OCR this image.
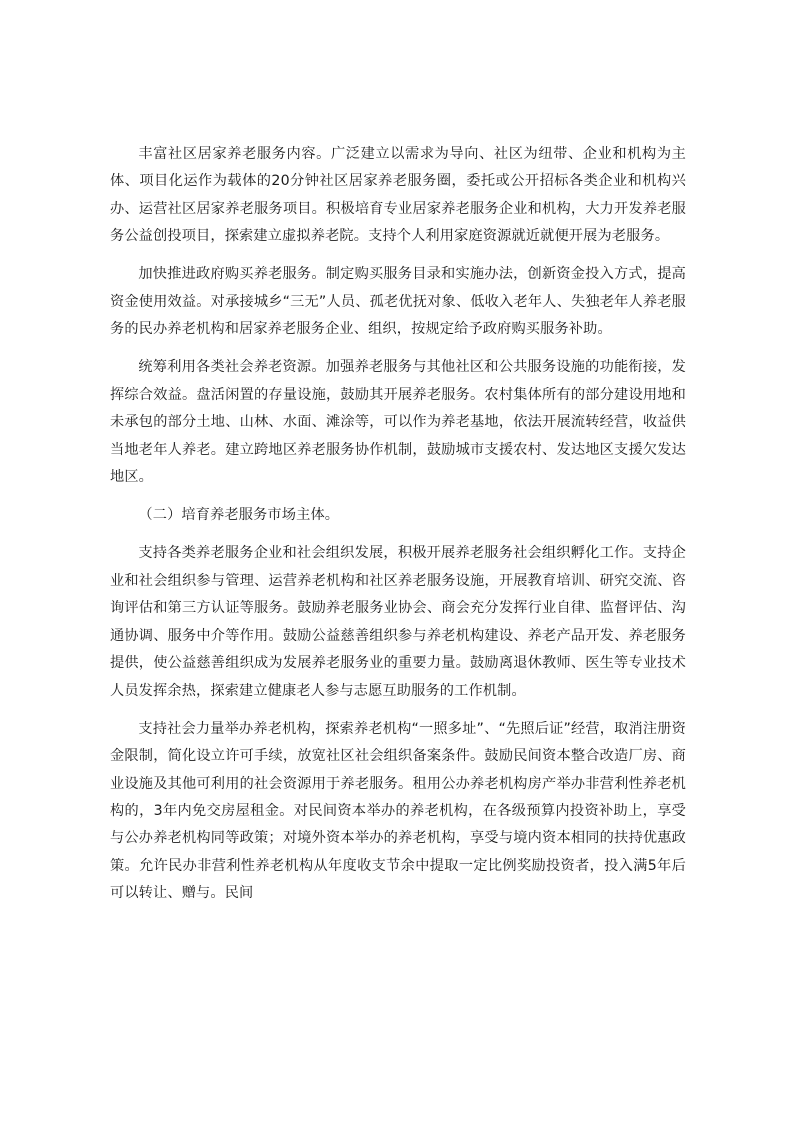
丰富社区居家养老服务内容。广泛建立以需求为导向、社区为纽带、企业和机构为主体、项目化运作为载体的20分钟社区居家养老服务圈，委托或公开招标各类企业和机构兴办、运营社区居家养老服务项目。积极培育专业居家养老服务企业和机构，大力开发养老服务公益创投项目，探索建立虚拟养老院。支持个人利用家庭资源就近就便开展为老服务。

加快推进政府购买养老服务。制定购买服务目录和实施办法，创新资金投入方式，提高资金使用效益。对承接城乡“三无”人员、孤老优抚对象、低收入老年人、失独老年人养老服务的民办养老机构和居家养老服务企业、组织，按规定给予政府购买服务补助。

统筹利用各类社会养老资源。加强养老服务与其他社区和公共服务设施的功能衔接，发挥综合效益。盘活闲置的存量设施，鼓励其开展养老服务。农村集体所有的部分建设用地和未承包的部分土地、山林、水面、滩涂等，可以作为养老基地，依法开展流转经营，收益供当地老年人养老。建立跨地区养老服务协作机制，鼓励城市支援农村、发达地区支援欠发达地区。

（二）培育养老服务市场主体。

支持各类养老服务企业和社会组织发展，积极开展养老服务社会组织孵化工作。支持企业和社会组织参与管理、运营养老机构和社区养老服务设施，开展教育培训、研究交流、咨询评估和第三方认证等服务。鼓励养老服务业协会、商会充分发挥行业自律、监督评估、沟通协调、服务中介等作用。鼓励公益慈善组织参与养老机构建设、养老产品开发、养老服务提供，使公益慈善组织成为发展养老服务业的重要力量。鼓励离退休教师、医生等专业技术人员发挥余热，探索建立健康老人参与志愿互助服务的工作机制。

支持社会力量举办养老机构，探索养老机构“一照多址”、“先照后证”经营，取消注册资金限制，简化设立许可手续，放宽社区社会组织备案条件。鼓励民间资本整合改造厂房、商业设施及其他可利用的社会资源用于养老服务。租用公办养老机构房产举办非营利性养老机构的，3年内免交房屋租金。对民间资本举办的养老机构，在各级预算内投资补助上，享受与公办养老机构同等政策；对境外资本举办的养老机构，享受与境内资本相同的扶持优惠政策。允许民办非营利性养老机构从年度收支节余中提取一定比例奖励投资者，投入满5年后可以转让、赠与。民间
